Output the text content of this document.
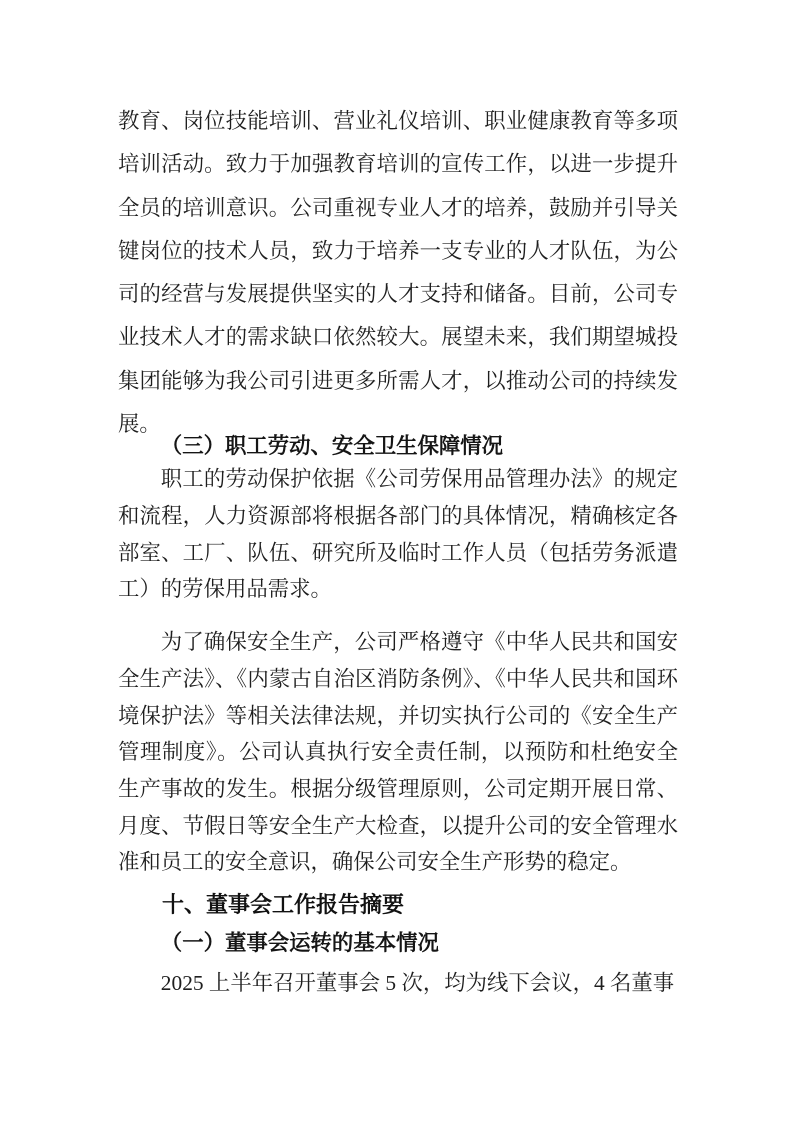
教育、岗位技能培训、营业礼仪培训、职业健康教育等多项培训活动。致力于加强教育培训的宣传工作，以进一步提升全员的培训意识。公司重视专业人才的培养，鼓励并引导关键岗位的技术人员，致力于培养一支专业的人才队伍，为公司的经营与发展提供坚实的人才支持和储备。目前，公司专业技术人才的需求缺口依然较大。展望未来，我们期望城投集团能够为我公司引进更多所需人才，以推动公司的持续发展。

（三）职工劳动、安全卫生保障情况

职工的劳动保护依据《公司劳保用品管理办法》的规定和流程，人力资源部将根据各部门的具体情况，精确核定各部室、工厂、队伍、研究所及临时工作人员（包括劳务派遣工）的劳保用品需求。

为了确保安全生产，公司严格遵守《中华人民共和国安全生产法》、《内蒙古自治区消防条例》、《中华人民共和国环境保护法》等相关法律法规，并切实执行公司的《安全生产管理制度》。公司认真执行安全责任制，以预防和杜绝安全生产事故的发生。根据分级管理原则，公司定期开展日常、月度、节假日等安全生产大检查，以提升公司的安全管理水准和员工的安全意识，确保公司安全生产形势的稳定。

十、董事会工作报告摘要
（一）董事会运转的基本情况

2025 上半年召开董事会 5 次，均为线下会议，4 名董事
